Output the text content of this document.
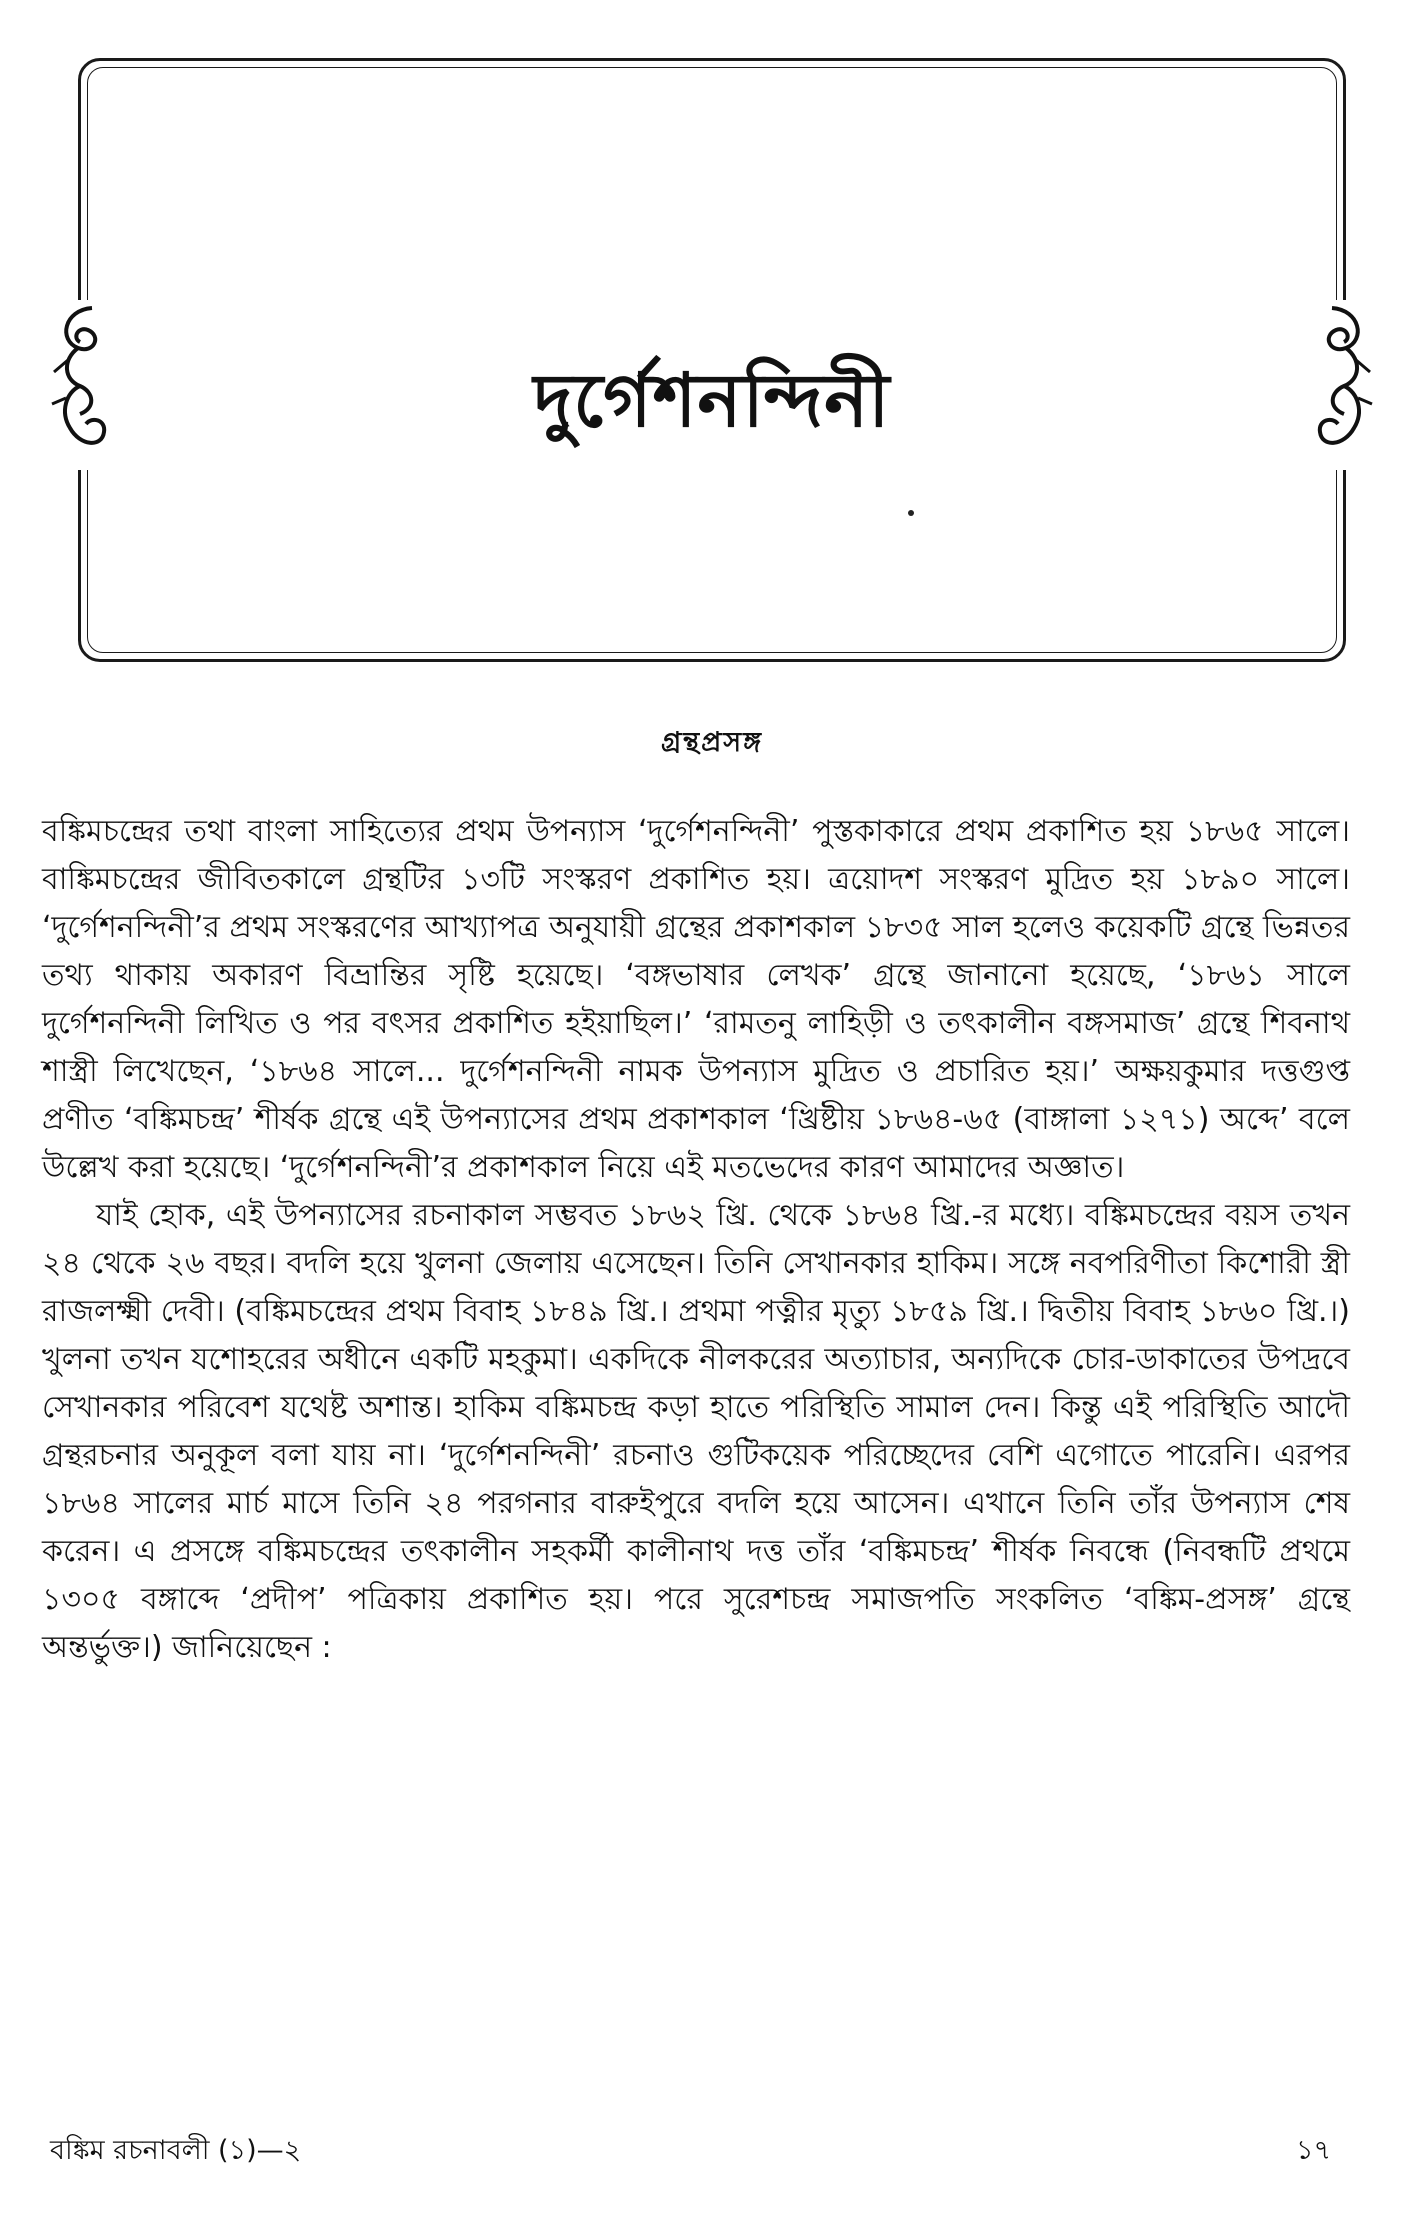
দুর্গেশনন্দিনী
গ্রন্থপ্রসঙ্গ

বঙ্কিমচন্দ্রের তথা বাংলা সাহিত্যের প্রথম উপন্যাস ‘দুর্গেশনন্দিনী’ পুস্তকাকারে প্রথম প্রকাশিত হয় ১৮৬৫ সালে। বাঙ্কিমচন্দ্রের জীবিতকালে গ্রন্থটির ১৩টি সংস্করণ প্রকাশিত হয়। ত্রয়োদশ সংস্করণ মুদ্রিত হয় ১৮৯০ সালে। ‘দুর্গেশনন্দিনী’র প্রথম সংস্করণের আখ্যাপত্র অনুযায়ী গ্রন্থের প্রকাশকাল ১৮৩৫ সাল হলেও কয়েকটি গ্রন্থে ভিন্নতর তথ্য থাকায় অকারণ বিভ্রান্তির সৃষ্টি হয়েছে। ‘বঙ্গভাষার লেখক’ গ্রন্থে জানানো হয়েছে, ‘১৮৬১ সালে দুর্গেশনন্দিনী লিখিত ও পর বৎসর প্রকাশিত হইয়াছিল।’ ‘রামতনু লাহিড়ী ও তৎকালীন বঙ্গসমাজ’ গ্রন্থে শিবনাথ শাস্ত্রী লিখেছেন, ‘১৮৬৪ সালে... দুর্গেশনন্দিনী নামক উপন্যাস মুদ্রিত ও প্রচারিত হয়।’ অক্ষয়কুমার দত্তগুপ্ত প্রণীত ‘বঙ্কিমচন্দ্র’ শীর্ষক গ্রন্থে এই উপন্যাসের প্রথম প্রকাশকাল ‘খ্রিষ্টীয় ১৮৬৪-৬৫ (বাঙ্গালা ১২৭১) অব্দে’ বলে উল্লেখ করা হয়েছে। ‘দুর্গেশনন্দিনী’র প্রকাশকাল নিয়ে এই মতভেদের কারণ আমাদের অজ্ঞাত।

যাই হোক, এই উপন্যাসের রচনাকাল সম্ভবত ১৮৬২ খ্রি. থেকে ১৮৬৪ খ্রি.-র মধ্যে। বঙ্কিমচন্দ্রের বয়স তখন ২৪ থেকে ২৬ বছর। বদলি হয়ে খুলনা জেলায় এসেছেন। তিনি সেখানকার হাকিম। সঙ্গে নবপরিণীতা কিশোরী স্ত্রী রাজলক্ষ্মী দেবী। (বঙ্কিমচন্দ্রের প্রথম বিবাহ ১৮৪৯ খ্রি.। প্রথমা পত্নীর মৃত্যু ১৮৫৯ খ্রি.। দ্বিতীয় বিবাহ ১৮৬০ খ্রি.।) খুলনা তখন যশোহরের অধীনে একটি মহকুমা। একদিকে নীলকরের অত্যাচার, অন্যদিকে চোর-ডাকাতের উপদ্রবে সেখানকার পরিবেশ যথেষ্ট অশান্ত। হাকিম বঙ্কিমচন্দ্র কড়া হাতে পরিস্থিতি সামাল দেন। কিন্তু এই পরিস্থিতি আদৌ গ্রন্থরচনার অনুকূল বলা যায় না। ‘দুর্গেশনন্দিনী’ রচনাও গুটিকয়েক পরিচ্ছেদের বেশি এগোতে পারেনি। এরপর ১৮৬৪ সালের মার্চ মাসে তিনি ২৪ পরগনার বারুইপুরে বদলি হয়ে আসেন। এখানে তিনি তাঁর উপন্যাস শেষ করেন। এ প্রসঙ্গে বঙ্কিমচন্দ্রের তৎকালীন সহকর্মী কালীনাথ দত্ত তাঁর ‘বঙ্কিমচন্দ্র’ শীর্ষক নিবন্ধে (নিবন্ধটি প্রথমে ১৩০৫ বঙ্গাব্দে ‘প্রদীপ’ পত্রিকায় প্রকাশিত হয়। পরে সুরেশচন্দ্র সমাজপতি সংকলিত ‘বঙ্কিম-প্রসঙ্গ’ গ্রন্থে অন্তর্ভুক্ত।) জানিয়েছেন :

বঙ্কিম রচনাবলী (১)—২	১৭
